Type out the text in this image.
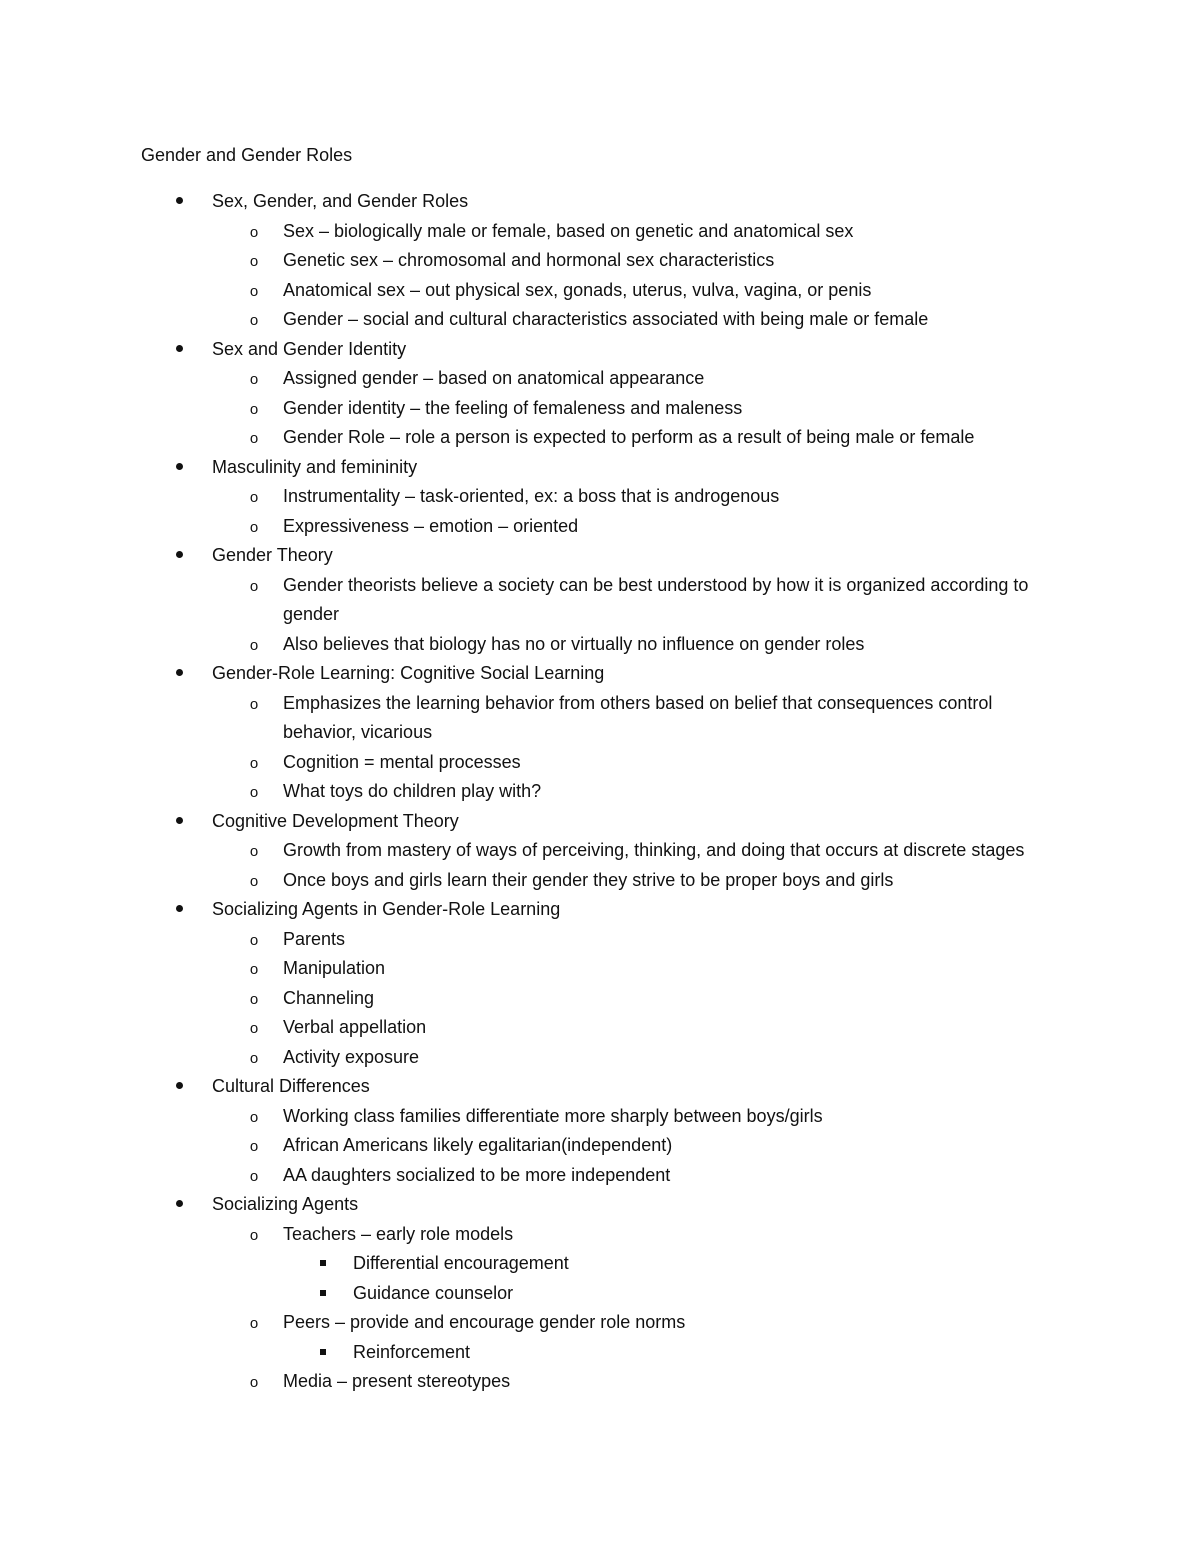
Gender and Gender Roles
Sex, Gender, and Gender Roles
o Sex – biologically male or female, based on genetic and anatomical sex
o Genetic sex – chromosomal and hormonal sex characteristics
o Anatomical sex – out physical sex, gonads, uterus, vulva, vagina, or penis
o Gender – social and cultural characteristics associated with being male or female
Sex and Gender Identity
o Assigned gender – based on anatomical appearance
o Gender identity – the feeling of femaleness and maleness
o Gender Role – role a person is expected to perform as a result of being male or female
Masculinity and femininity
o Instrumentality – task-oriented, ex: a boss that is androgenous
o Expressiveness – emotion – oriented
Gender Theory
o Gender theorists believe a society can be best understood by how it is organized according to gender
o Also believes that biology has no or virtually no influence on gender roles
Gender-Role Learning: Cognitive Social Learning
o Emphasizes the learning behavior from others based on belief that consequences control behavior, vicarious
o Cognition = mental processes
o What toys do children play with?
Cognitive Development Theory
o Growth from mastery of ways of perceiving, thinking, and doing that occurs at discrete stages
o Once boys and girls learn their gender they strive to be proper boys and girls
Socializing Agents in Gender-Role Learning
o Parents
o Manipulation
o Channeling
o Verbal appellation
o Activity exposure
Cultural Differences
o Working class families differentiate more sharply between boys/girls
o African Americans likely egalitarian(independent)
o AA daughters socialized to be more independent
Socializing Agents
o Teachers – early role models
Differential encouragement
Guidance counselor
o Peers – provide and encourage gender role norms
Reinforcement
o Media – present stereotypes
